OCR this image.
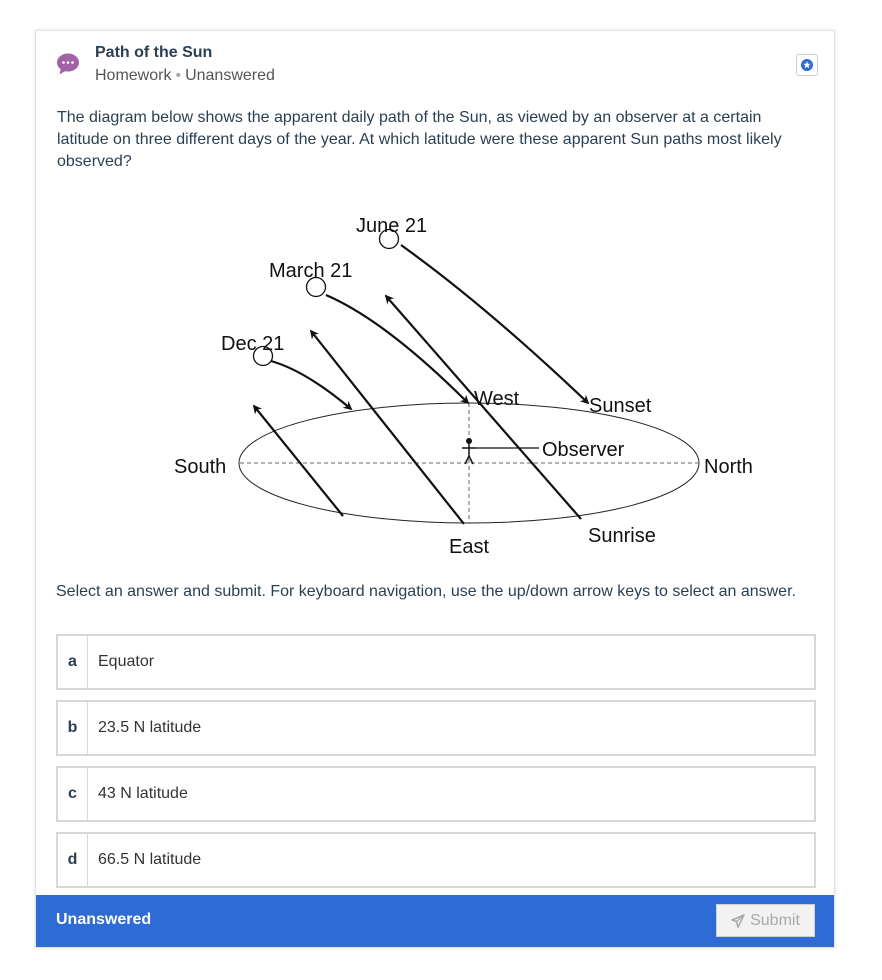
Path of the Sun
Homework • Unanswered
The diagram below shows the apparent daily path of the Sun, as viewed by an observer at a certain latitude on three different days of the year. At which latitude were these apparent Sun paths most likely observed?
June 21
March 21
Dec 21
West	Sunset
Observer
South	North
East	Sunrise
Select an answer and submit. For keyboard navigation, use the up/down arrow keys to select an answer.
a	Equator
b	23.5 N latitude
c	43 N latitude
d	66.5 N latitude
Unanswered	Submit
